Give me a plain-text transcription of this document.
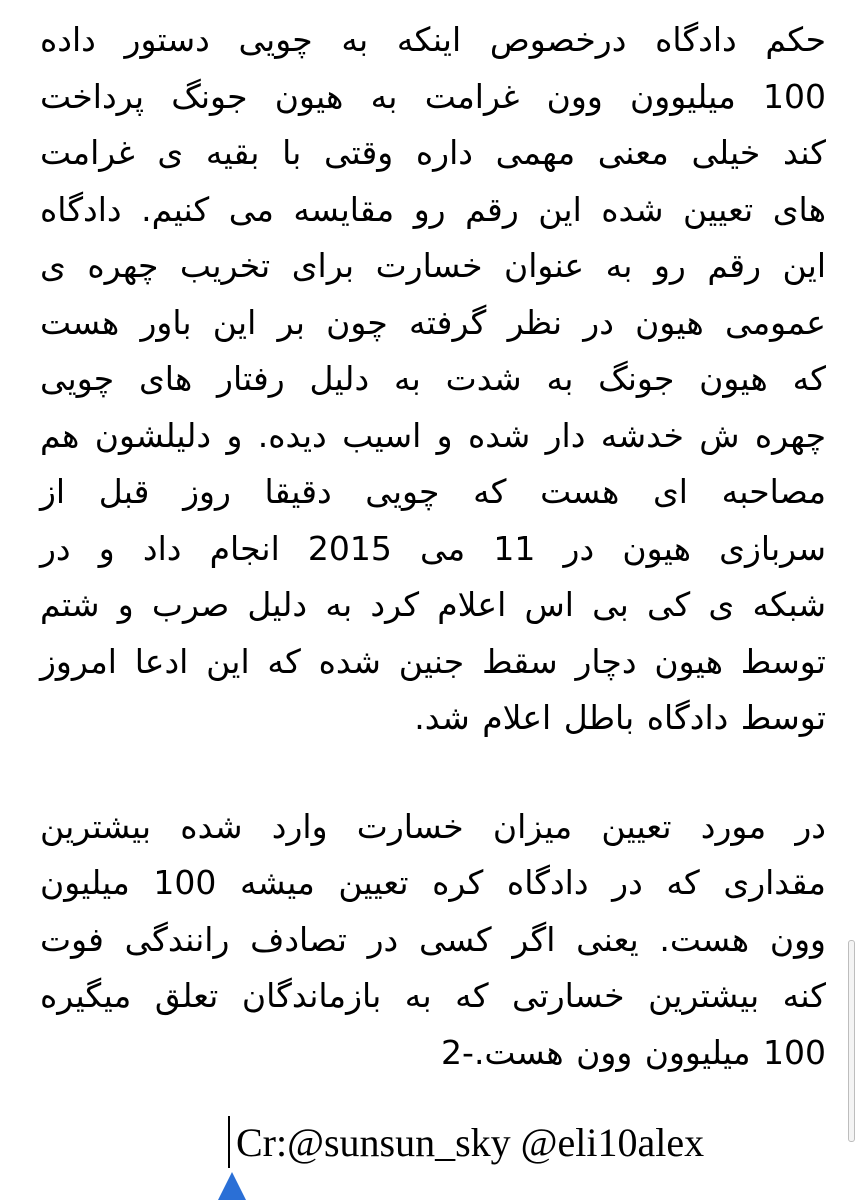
حکم دادگاه درخصوص اینکه به چویی دستور داده
100 میلیوون وون غرامت به هیون جونگ پرداخت
کند خیلی معنی مهمی داره وقتی با بقیه ی غرامت
های تعیین شده این رقم رو مقایسه می کنیم. دادگاه
این رقم رو به عنوان خسارت برای تخریب چهره ی
عمومی هیون در نظر گرفته چون بر این باور هست
که هیون جونگ به شدت به دلیل رفتار های چویی
چهره ش خدشه دار شده و اسیب دیده. و دلیلشون هم
مصاحبه ای هست که چویی دقیقا روز قبل از
سربازی هیون در 11 می 2015 انجام داد و در
شبکه ی کی بی اس اعلام کرد به دلیل صرب و شتم
توسط هیون دچار سقط جنین شده که این ادعا امروز
توسط دادگاه باطل اعلام شد.

در مورد تعیین میزان خسارت وارد شده بیشترین
مقداری که در دادگاه کره تعیین میشه 100 میلیون
وون هست. یعنی اگر کسی در تصادف رانندگی فوت
کنه بیشترین خسارتی که به بازماندگان تعلق میگیره
100 میلیوون وون هست.-2

Cr:@sunsun_sky @eli10alex
